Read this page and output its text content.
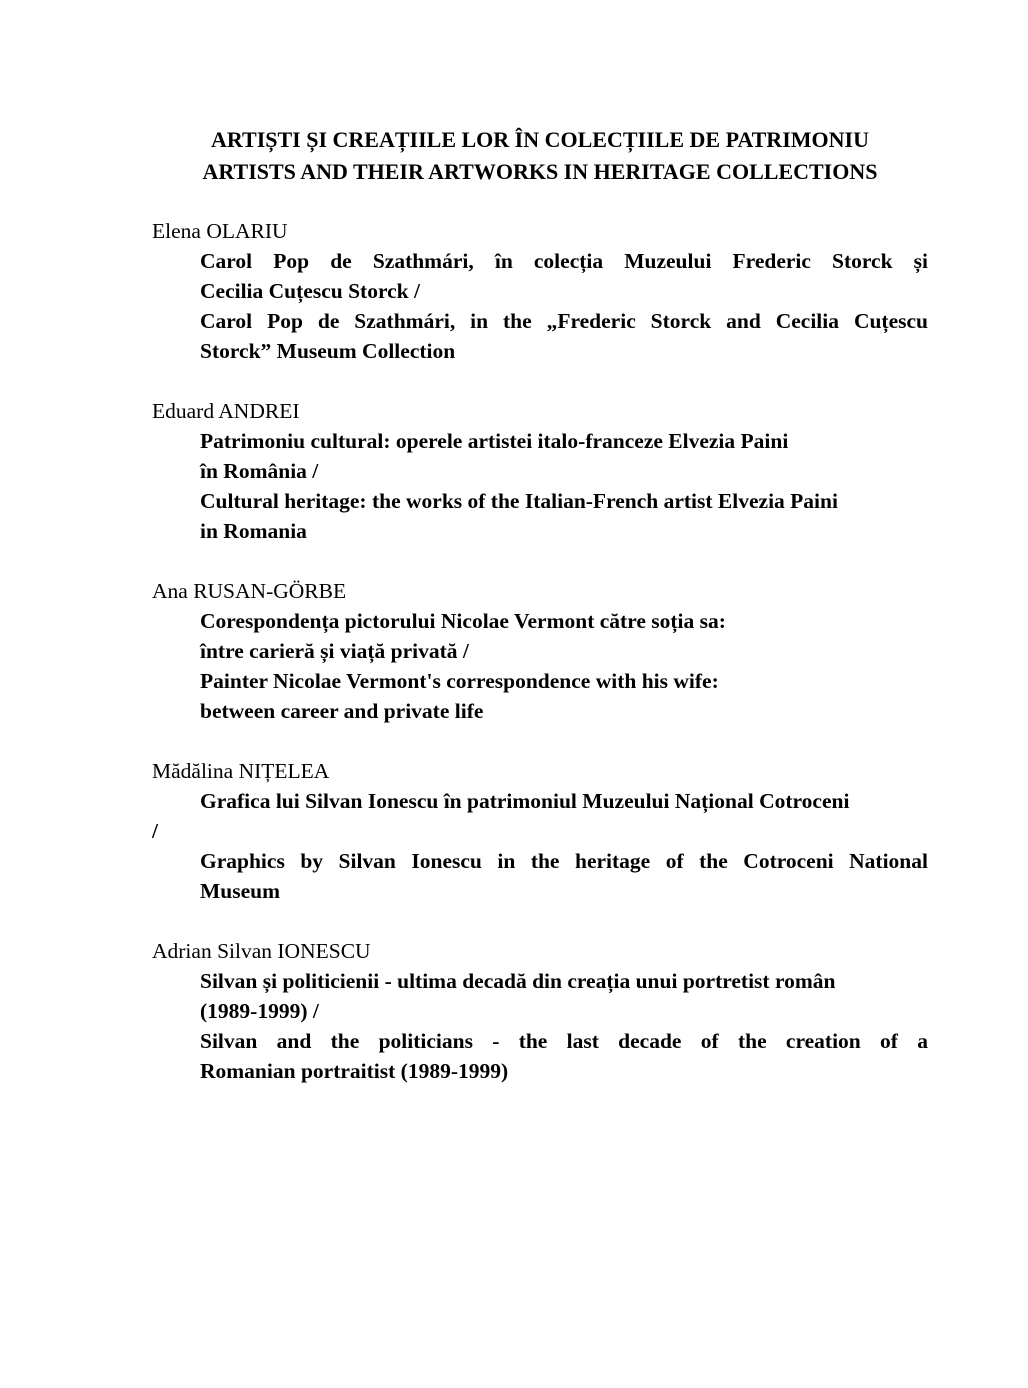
ARTIȘTI ȘI CREAȚIILE LOR ÎN COLECȚIILE DE PATRIMONIU
ARTISTS AND THEIR ARTWORKS IN HERITAGE COLLECTIONS
Elena OLARIU
Carol Pop de Szathmári, în colecția Muzeului Frederic Storck și
Cecilia Cuțescu Storck /
Carol Pop de Szathmári, in the „Frederic Storck and Cecilia Cuțescu
Storck” Museum Collection
Eduard ANDREI
Patrimoniu cultural: operele artistei italo-franceze Elvezia Paini
în România /
Cultural heritage: the works of the Italian-French artist Elvezia Paini
in Romania
Ana RUSAN-GÖRBE
Corespondența pictorului Nicolae Vermont către soția sa:
între carieră și viață privată /
Painter Nicolae Vermont's correspondence with his wife:
between career and private life
Mădălina NIȚELEA
Grafica lui Silvan Ionescu în patrimoniul Muzeului Național Cotroceni
/
Graphics by Silvan Ionescu in the heritage of the Cotroceni National
Museum
Adrian Silvan IONESCU
Silvan și politicienii - ultima decadă din creația unui portretist român
(1989-1999) /
Silvan and the politicians - the last decade of the creation of a
Romanian portraitist (1989-1999)
